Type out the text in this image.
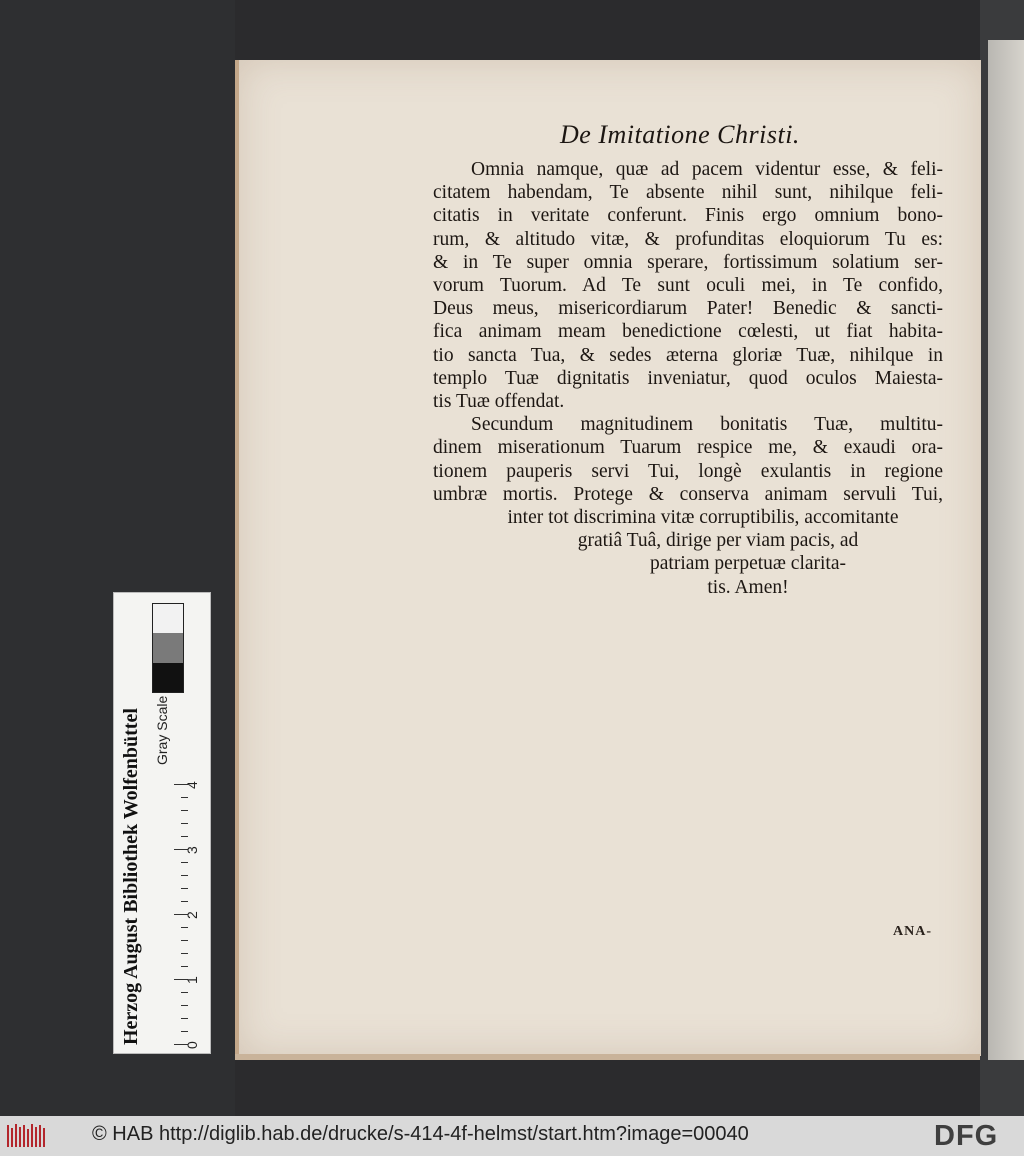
De Imitatione Christi.
Omnia namque, quæ ad pacem videntur esse, & feli-
citatem habendam, Te absente nihil sunt, nihilque feli-
citatis in veritate conferunt. Finis ergo omnium bono-
rum, & altitudo vitæ, & profunditas eloquiorum Tu es:
& in Te super omnia sperare, fortissimum solatium ser-
vorum Tuorum. Ad Te sunt oculi mei, in Te confido,
Deus meus, misericordiarum Pater! Benedic & sancti-
fica animam meam benedictione cœlesti, ut fiat habita-
tio sancta Tua, & sedes æterna gloriæ Tuæ, nihilque in
templo Tuæ dignitatis inveniatur, quod oculos Maiesta-
tis Tuæ offendat.
Secundum magnitudinem bonitatis Tuæ, multitu-
dinem miserationum Tuarum respice me, & exaudi ora-
tionem pauperis servi Tui, longè exulantis in regione
umbræ mortis. Protege & conserva animam servuli Tui,
inter tot discrimina vitæ corruptibilis, accomitante
gratiâ Tuâ, dirige per viam pacis, ad
patriam perpetuæ clarita-
tis. Amen!
ANA-
Herzog August Bibliothek Wolfenbüttel
0
1
2
3
4
Gray Scale
© HAB http://diglib.hab.de/drucke/s-414-4f-helmst/start.htm?image=00040	DFG
